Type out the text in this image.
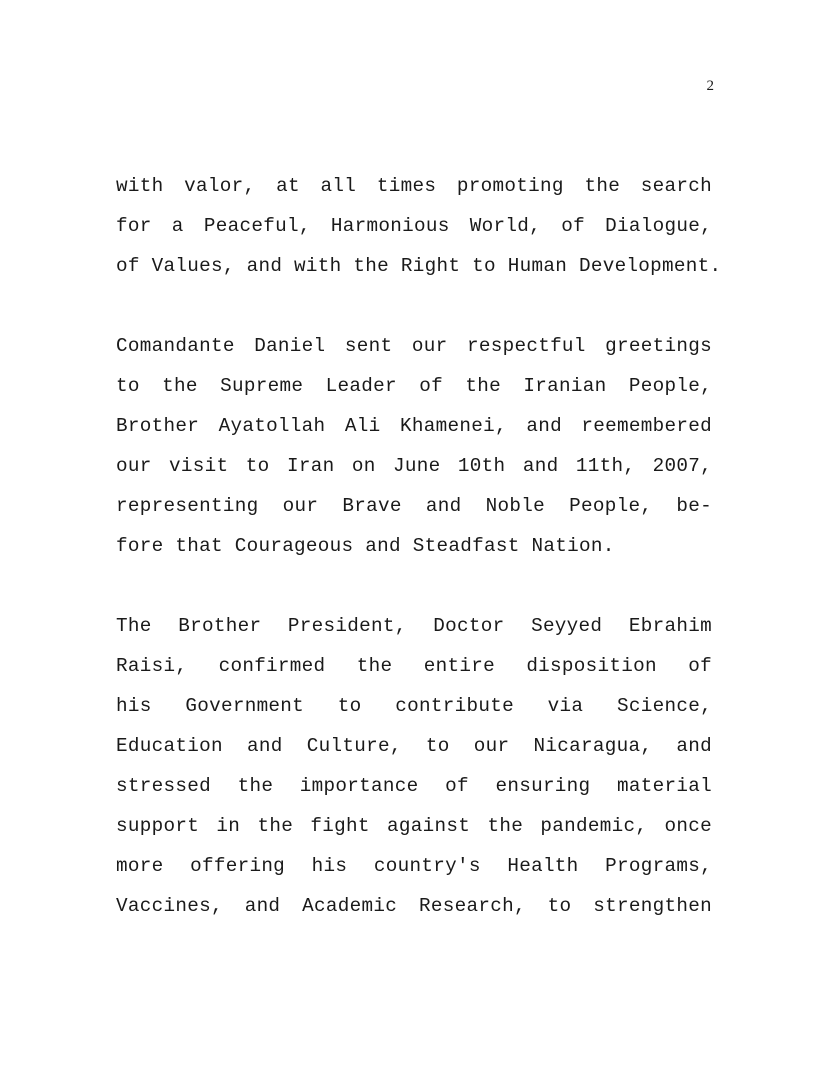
2
with valor, at all times promoting the search
for a Peaceful, Harmonious World, of Dialogue,
of Values, and with the Right to Human Development.
Comandante Daniel sent our respectful greetings
to the Supreme Leader of the Iranian People,
Brother Ayatollah Ali Khamenei, and reemembered
our visit to Iran on June 10th and 11th, 2007,
representing our Brave and Noble People, be-
fore that Courageous and Steadfast Nation.
The Brother President, Doctor Seyyed Ebrahim
Raisi, confirmed the entire disposition of
his Government to contribute via Science,
Education and Culture, to our Nicaragua, and
stressed the importance of ensuring material
support in the fight against the pandemic, once
more offering his country's Health Programs,
Vaccines, and Academic Research, to strengthen
